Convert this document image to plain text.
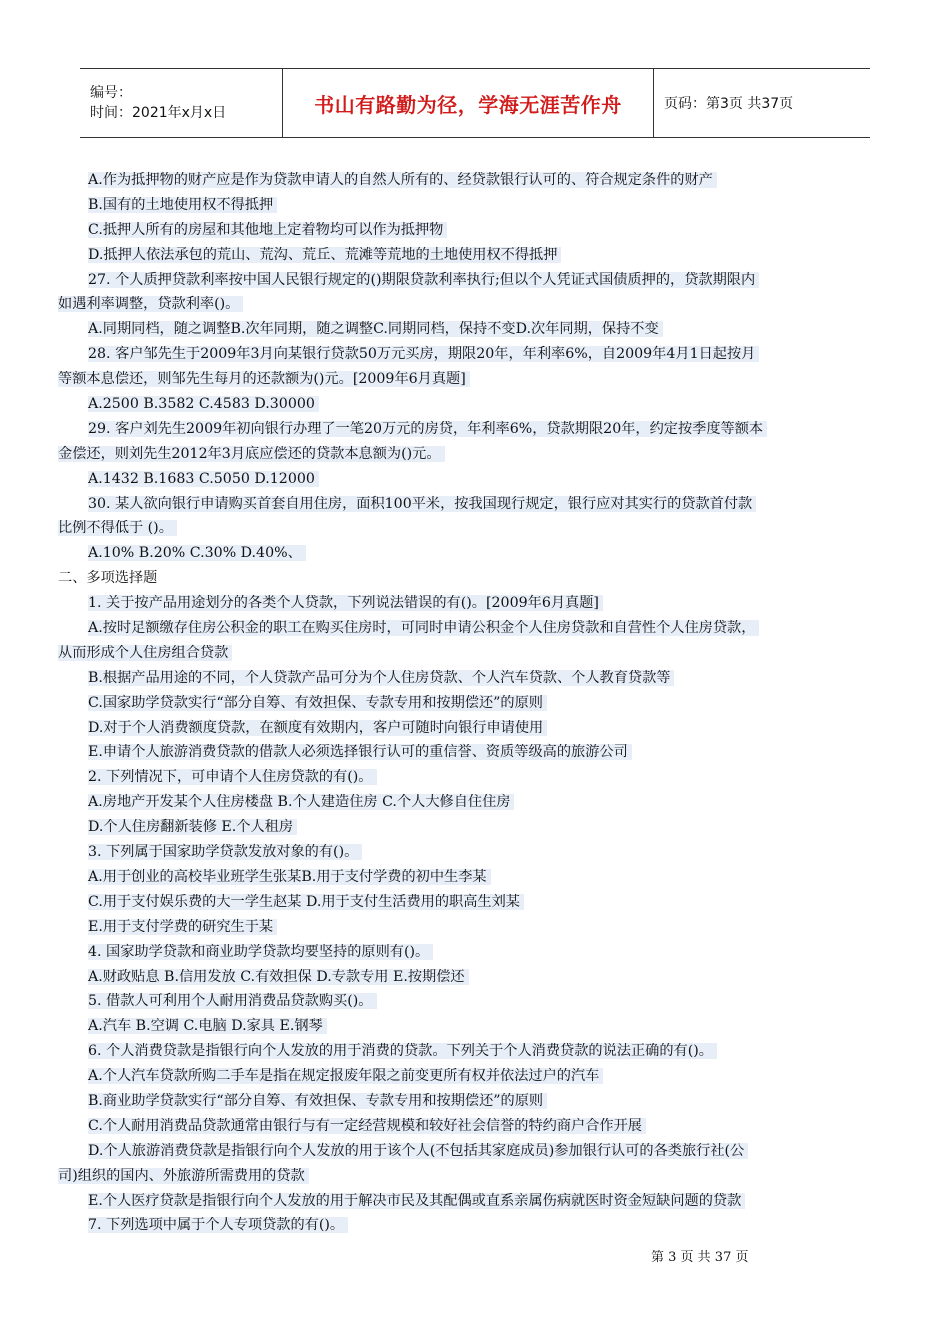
编号：
时间：2021年x月x日	书山有路勤为径，学海无涯苦作舟	页码：第3页 共37页
A.作为抵押物的财产应是作为贷款申请人的自然人所有的、经贷款银行认可的、符合规定条件的财产
B.国有的土地使用权不得抵押
C.抵押人所有的房屋和其他地上定着物均可以作为抵押物
D.抵押人依法承包的荒山、荒沟、荒丘、荒滩等荒地的土地使用权不得抵押
27. 个人质押贷款利率按中国人民银行规定的()期限贷款利率执行;但以个人凭证式国债质押的，贷款期限内
如遇利率调整，贷款利率()。
A.同期同档，随之调整B.次年同期，随之调整C.同期同档，保持不变D.次年同期，保持不变
28. 客户邹先生于2009年3月向某银行贷款50万元买房，期限20年，年利率6%，自2009年4月1日起按月
等额本息偿还，则邹先生每月的还款额为()元。[2009年6月真题]
A.2500 B.3582 C.4583 D.30000
29. 客户刘先生2009年初向银行办理了一笔20万元的房贷，年利率6%，贷款期限20年，约定按季度等额本
金偿还，则刘先生2012年3月底应偿还的贷款本息额为()元。
A.1432 B.1683 C.5050 D.12000
30. 某人欲向银行申请购买首套自用住房，面积100平米，按我国现行规定，银行应对其实行的贷款首付款
比例不得低于 ()。
A.10% B.20% C.30% D.40%、
二、多项选择题
1. 关于按产品用途划分的各类个人贷款，下列说法错误的有()。[2009年6月真题]
A.按时足额缴存住房公积金的职工在购买住房时，可同时申请公积金个人住房贷款和自营性个人住房贷款，
从而形成个人住房组合贷款
B.根据产品用途的不同，个人贷款产品可分为个人住房贷款、个人汽车贷款、个人教育贷款等
C.国家助学贷款实行“部分自筹、有效担保、专款专用和按期偿还”的原则
D.对于个人消费额度贷款，在额度有效期内，客户可随时向银行申请使用
E.申请个人旅游消费贷款的借款人必须选择银行认可的重信誉、资质等级高的旅游公司
2. 下列情况下，可申请个人住房贷款的有()。
A.房地产开发某个人住房楼盘 B.个人建造住房 C.个人大修自住住房
D.个人住房翻新装修 E.个人租房
3. 下列属于国家助学贷款发放对象的有()。
A.用于创业的高校毕业班学生张某B.用于支付学费的初中生李某
C.用于支付娱乐费的大一学生赵某 D.用于支付生活费用的职高生刘某
E.用于支付学费的研究生于某
4. 国家助学贷款和商业助学贷款均要坚持的原则有()。
A.财政贴息 B.信用发放 C.有效担保 D.专款专用 E.按期偿还
5. 借款人可利用个人耐用消费品贷款购买()。
A.汽车 B.空调 C.电脑 D.家具 E.钢琴
6. 个人消费贷款是指银行向个人发放的用于消费的贷款。下列关于个人消费贷款的说法正确的有()。
A.个人汽车贷款所购二手车是指在规定报废年限之前变更所有权并依法过户的汽车
B.商业助学贷款实行“部分自筹、有效担保、专款专用和按期偿还”的原则
C.个人耐用消费品贷款通常由银行与有一定经营规模和较好社会信誉的特约商户合作开展
D.个人旅游消费贷款是指银行向个人发放的用于该个人(不包括其家庭成员)参加银行认可的各类旅行社(公
司)组织的国内、外旅游所需费用的贷款
E.个人医疗贷款是指银行向个人发放的用于解决市民及其配偶或直系亲属伤病就医时资金短缺问题的贷款
7. 下列选项中属于个人专项贷款的有()。
第 3 页 共 37 页
